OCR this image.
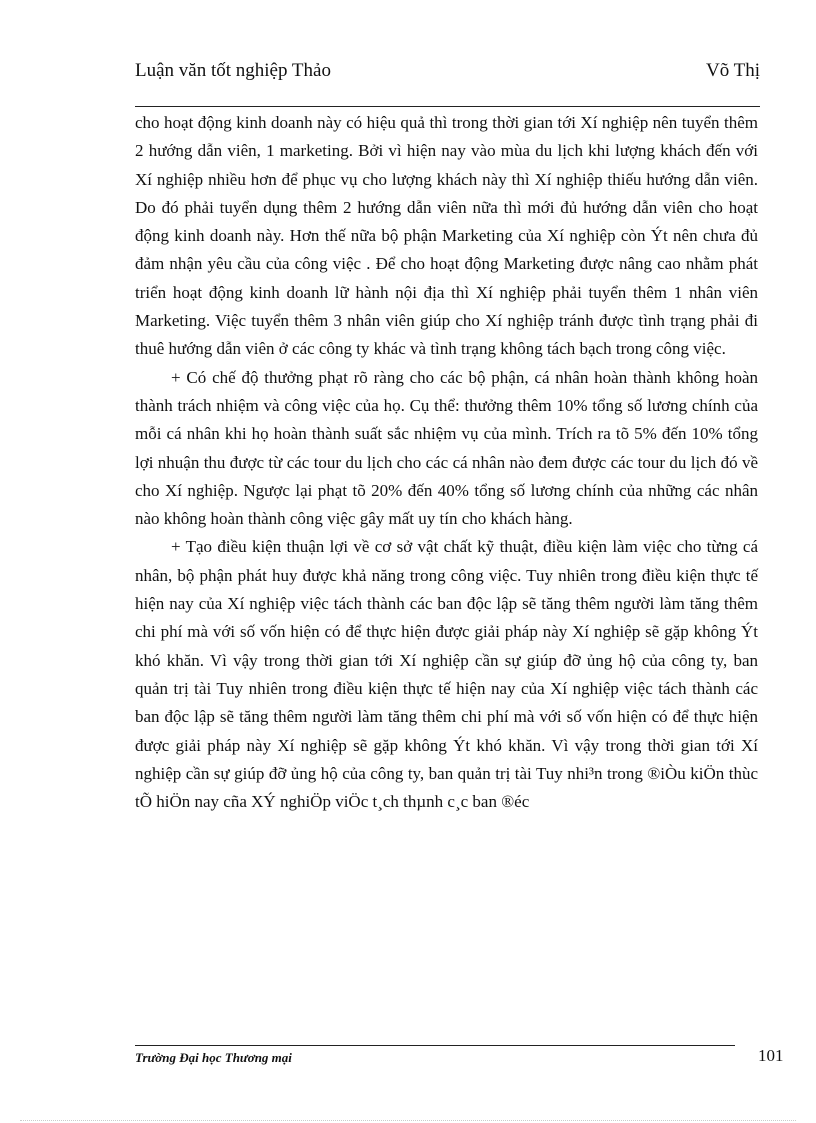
Luận văn tốt nghiệp Thảo	Võ Thị

cho hoạt động kinh doanh này có hiệu quả thì trong thời gian tới Xí nghiệp nên tuyển thêm 2 hướng dẫn viên, 1 marketing. Bởi vì hiện nay vào mùa du lịch khi lượng khách đến với Xí nghiệp nhiều hơn để phục vụ cho lượng khách này thì Xí nghiệp thiếu hướng dẫn viên. Do đó phải tuyển dụng thêm 2 hướng dẫn viên nữa thì mới đủ hướng dẫn viên cho hoạt động kinh doanh này. Hơn thế nữa bộ phận Marketing của Xí nghiệp còn Ýt nên chưa đủ đảm nhận yêu cầu của công việc . Để cho hoạt động Marketing được nâng cao nhằm phát triển hoạt động kinh doanh lữ hành nội địa thì Xí nghiệp phải tuyển thêm 1 nhân viên Marketing. Việc tuyển thêm 3 nhân viên giúp cho Xí nghiệp tránh được tình trạng phải đi thuê hướng dẫn viên ở các công ty khác và tình trạng không tách bạch trong công việc.

+ Có chế độ thưởng phạt rõ ràng cho các bộ phận, cá nhân hoàn thành không hoàn thành trách nhiệm và công việc của họ. Cụ thể: thưởng thêm 10% tổng số lương chính của mỗi cá nhân khi họ hoàn thành suất sắc nhiệm vụ của mình. Trích ra tõ 5% đến 10% tổng lợi nhuận thu được từ các tour du lịch cho các cá nhân nào đem được các tour du lịch đó về cho Xí nghiệp. Ngược lại phạt tõ 20% đến 40% tổng số lương chính của những các nhân nào không hoàn thành công việc gây mất uy tín cho khách hàng.

+ Tạo điều kiện thuận lợi về cơ sở vật chất kỹ thuật, điều kiện làm việc cho từng cá nhân, bộ phận phát huy được khả năng trong công việc. Tuy nhiên trong điều kiện thực tế hiện nay của Xí nghiệp việc tách thành các ban độc lập sẽ tăng thêm người làm tăng thêm chi phí mà với số vốn hiện có để thực hiện được giải pháp này Xí nghiệp sẽ gặp không Ýt khó khăn. Vì vậy trong thời gian tới Xí nghiệp cần sự giúp đỡ ủng hộ của công ty, ban quản trị tài Tuy nhiên trong điều kiện thực tế hiện nay của Xí nghiệp việc tách thành các ban độc lập sẽ tăng thêm người làm tăng thêm chi phí mà với số vốn hiện có để thực hiện được giải pháp này Xí nghiệp sẽ gặp không Ýt khó khăn. Vì vậy trong thời gian tới Xí nghiệp cần sự giúp đỡ ủng hộ của công ty, ban quản trị tài Tuy nhi³n trong ®iÒu kiÖn thùc tÕ hiÖn nay cña XÝ nghiÖp viÖc t¸ch thµnh c¸c ban ®éc

Trường Đại học Thương mại	101
